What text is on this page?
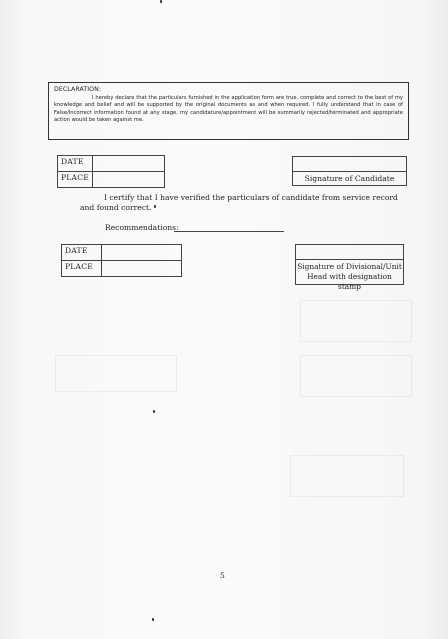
DECLARATION:
I hereby declare that the particulars furnished in the application form are true, complete and correct to the best of my knowledge and belief and will be supported by the original documents as and when required. I fully understand that in case of False/Incorrect information found at any stage, my candidature/appointment will be summarily rejected/terminated and appropriate action would be taken against me.
DATE	
PLACE		Signature of Candidate
I certify that I have verified the particulars of candidate from service record and found correct.
Recommendations:
DATE	
PLACE		Signature of Divisional/Unit
Head with designation stamp
5
